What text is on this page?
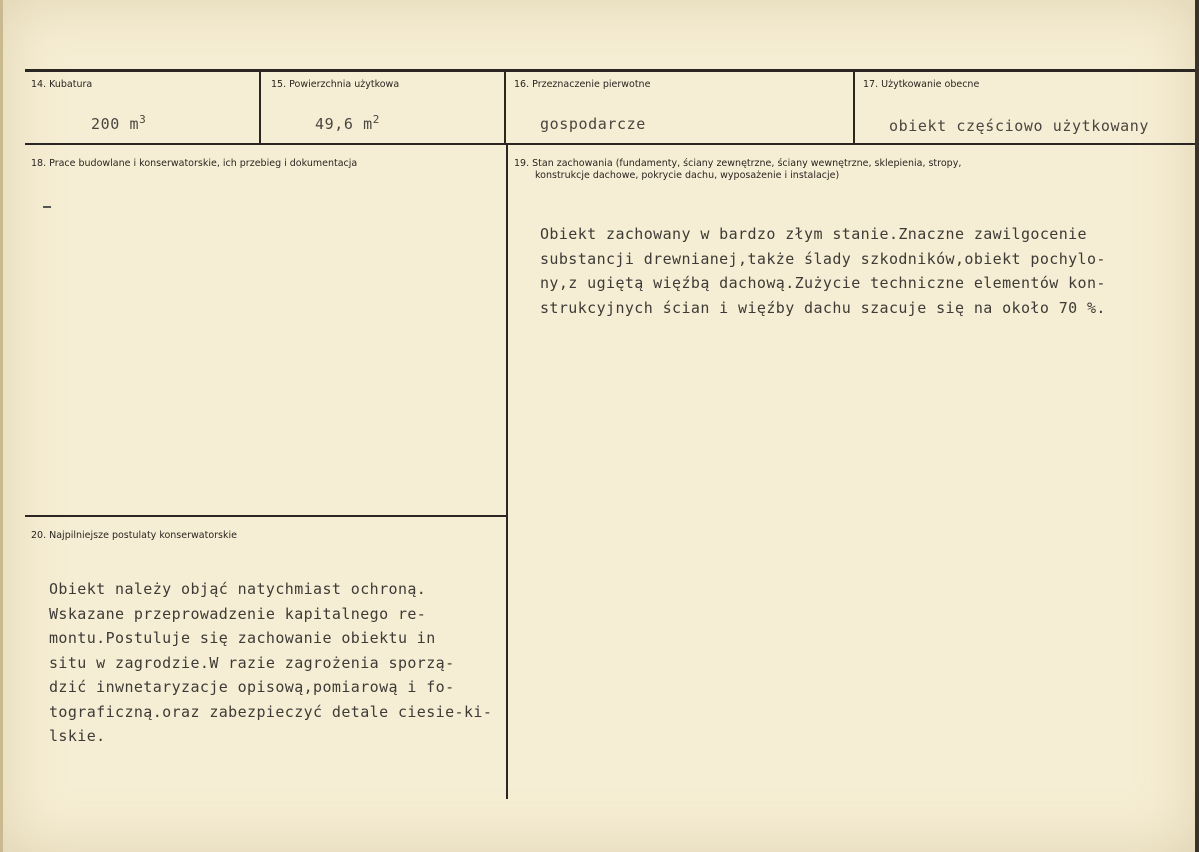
14. Kubatura
200 $m^3$
15. Powierzchnia użytkowa
49,6 $m^2$
16. Przeznaczenie pierwotne
gospodarcze
17. Użytkowanie obecne
obiekt częściowo użytkowany
18. Prace budowlane i konserwatorskie, ich przebieg i dokumentacja	19. Stan zachowania (fundamenty, ściany zewnętrzne, ściany wewnętrzne, sklepienia, stropy,
konstrukcje dachowe, pokrycie dachu, wyposażenie i instalacje)
Obiekt zachowany w bardzo złym stanie.Znaczne zawilgocenie
substancji drewnianej,także ślady szkodników,obiekt pochylo-
ny,z ugiętą więźbą dachową.Zużycie techniczne elementów kon-
strukcyjnych ścian i więźby dachu szacuje się na około 70 %.
20. Najpilniejsze postulaty konserwatorskie
Obiekt należy objąć natychmiast ochroną.
Wskazane przeprowadzenie kapitalnego re-
montu.Postuluje się zachowanie obiektu in
situ w zagrodzie.W razie zagrożenia sporzą-
dzić inwnetaryzacje opisową,pomiarową i fo-
tograficzną.oraz zabezpieczyć detale ciesie-ki-
lskie.
